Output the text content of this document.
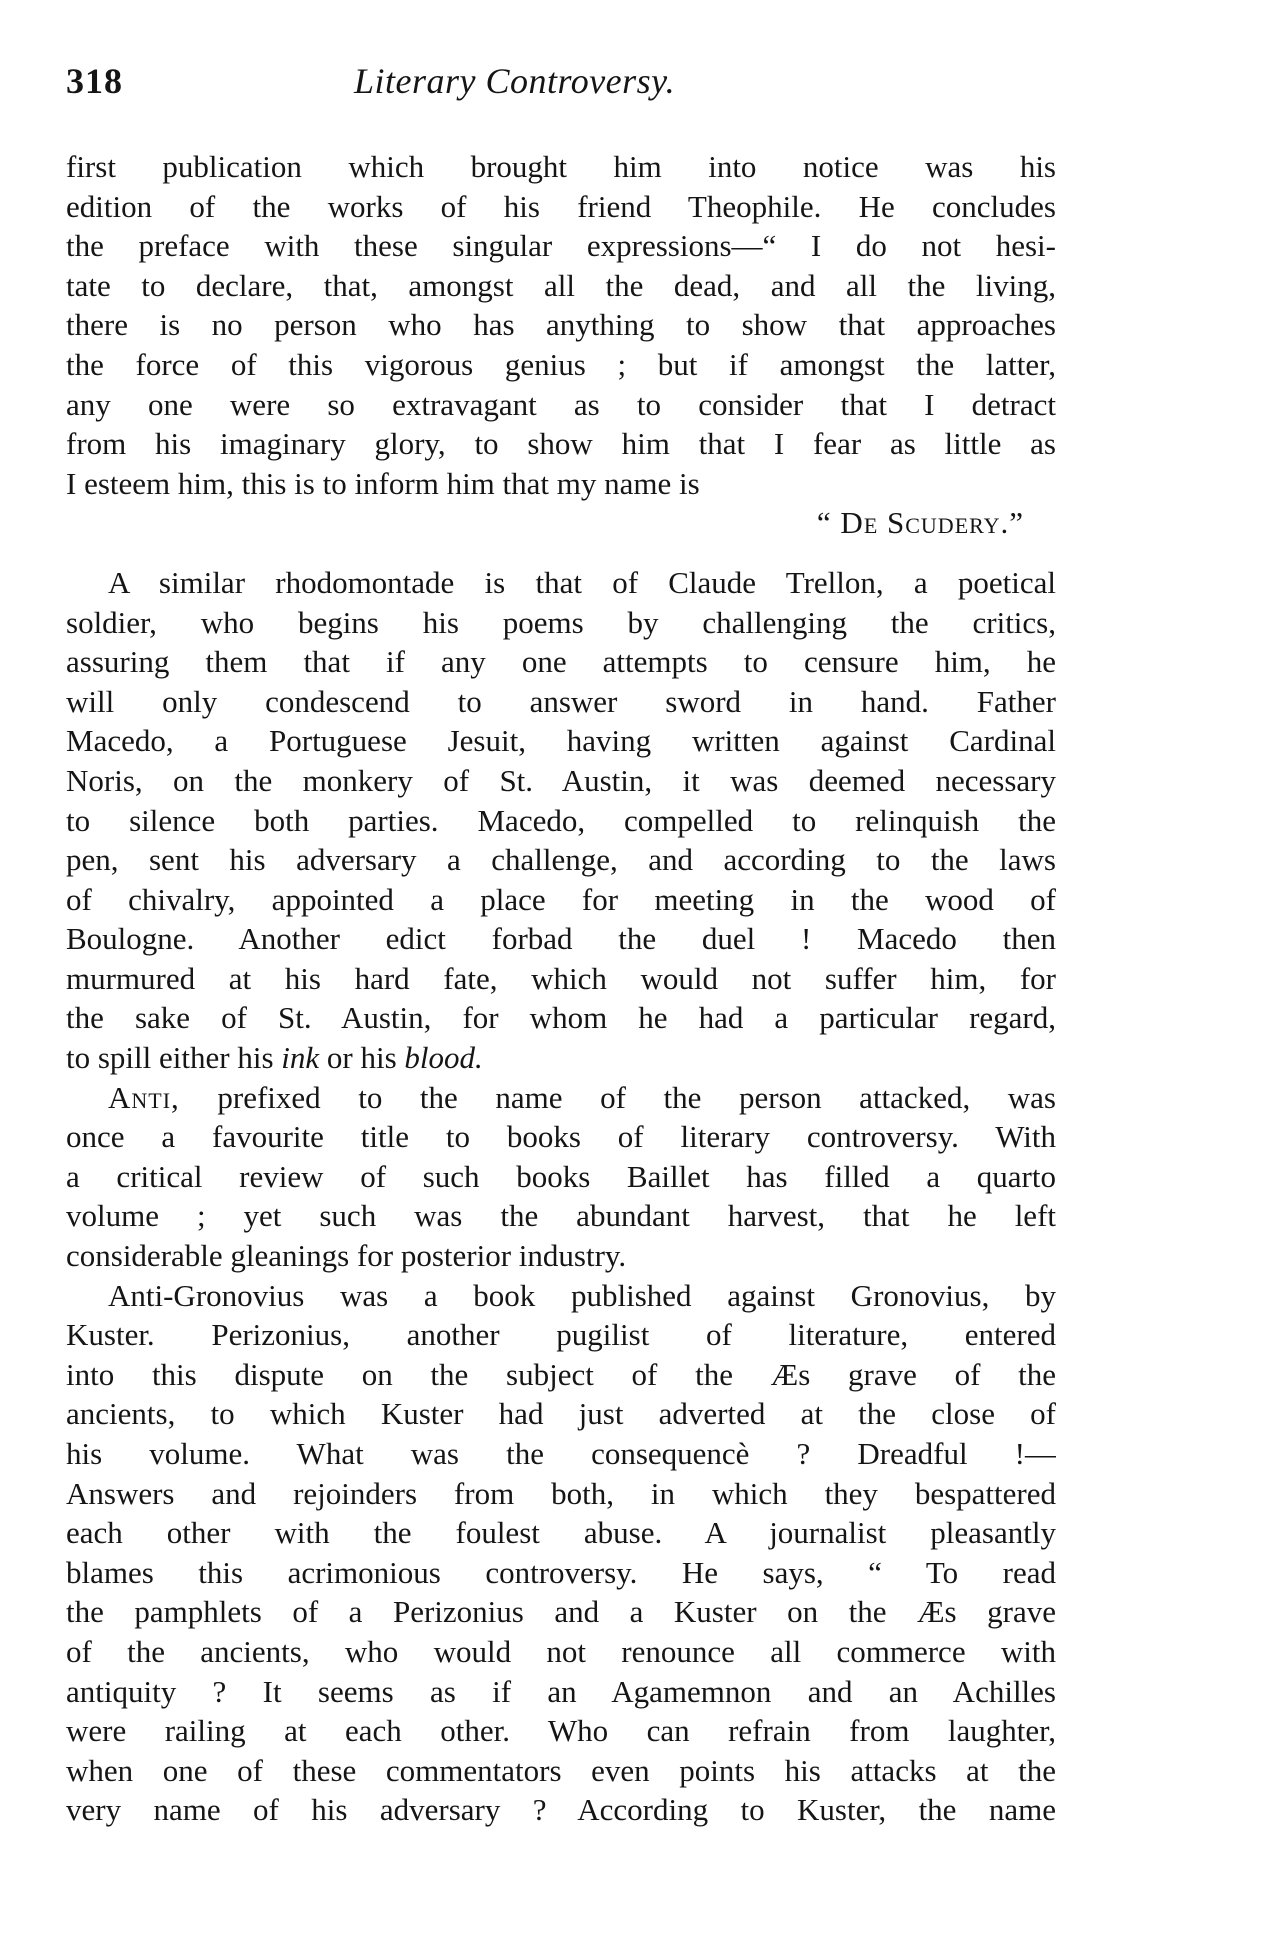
318	Literary Controversy.
first publication which brought him into notice was his
edition of the works of his friend Theophile. He concludes
the preface with these singular expressions—“ I do not hesi-
tate to declare, that, amongst all the dead, and all the living,
there is no person who has anything to show that approaches
the force of this vigorous genius ; but if amongst the latter,
any one were so extravagant as to consider that I detract
from his imaginary glory, to show him that I fear as little as
I esteem him, this is to inform him that my name is
“ De Scudery.”
A similar rhodomontade is that of Claude Trellon, a poetical
soldier, who begins his poems by challenging the critics,
assuring them that if any one attempts to censure him, he
will only condescend to answer sword in hand. Father
Macedo, a Portuguese Jesuit, having written against Cardinal
Noris, on the monkery of St. Austin, it was deemed necessary
to silence both parties. Macedo, compelled to relinquish the
pen, sent his adversary a challenge, and according to the laws
of chivalry, appointed a place for meeting in the wood of
Boulogne. Another edict forbad the duel ! Macedo then
murmured at his hard fate, which would not suffer him, for
the sake of St. Austin, for whom he had a particular regard,
to spill either his ink or his blood.
Anti, prefixed to the name of the person attacked, was
once a favourite title to books of literary controversy. With
a critical review of such books Baillet has filled a quarto
volume ; yet such was the abundant harvest, that he left
considerable gleanings for posterior industry.
Anti-Gronovius was a book published against Gronovius, by
Kuster. Perizonius, another pugilist of literature, entered
into this dispute on the subject of the Æs grave of the
ancients, to which Kuster had just adverted at the close of
his volume. What was the consequencè ? Dreadful !—
Answers and rejoinders from both, in which they bespattered
each other with the foulest abuse. A journalist pleasantly
blames this acrimonious controversy. He says, “ To read
the pamphlets of a Perizonius and a Kuster on the Æs grave
of the ancients, who would not renounce all commerce with
antiquity ? It seems as if an Agamemnon and an Achilles
were railing at each other. Who can refrain from laughter,
when one of these commentators even points his attacks at the
very name of his adversary ? According to Kuster, the name
